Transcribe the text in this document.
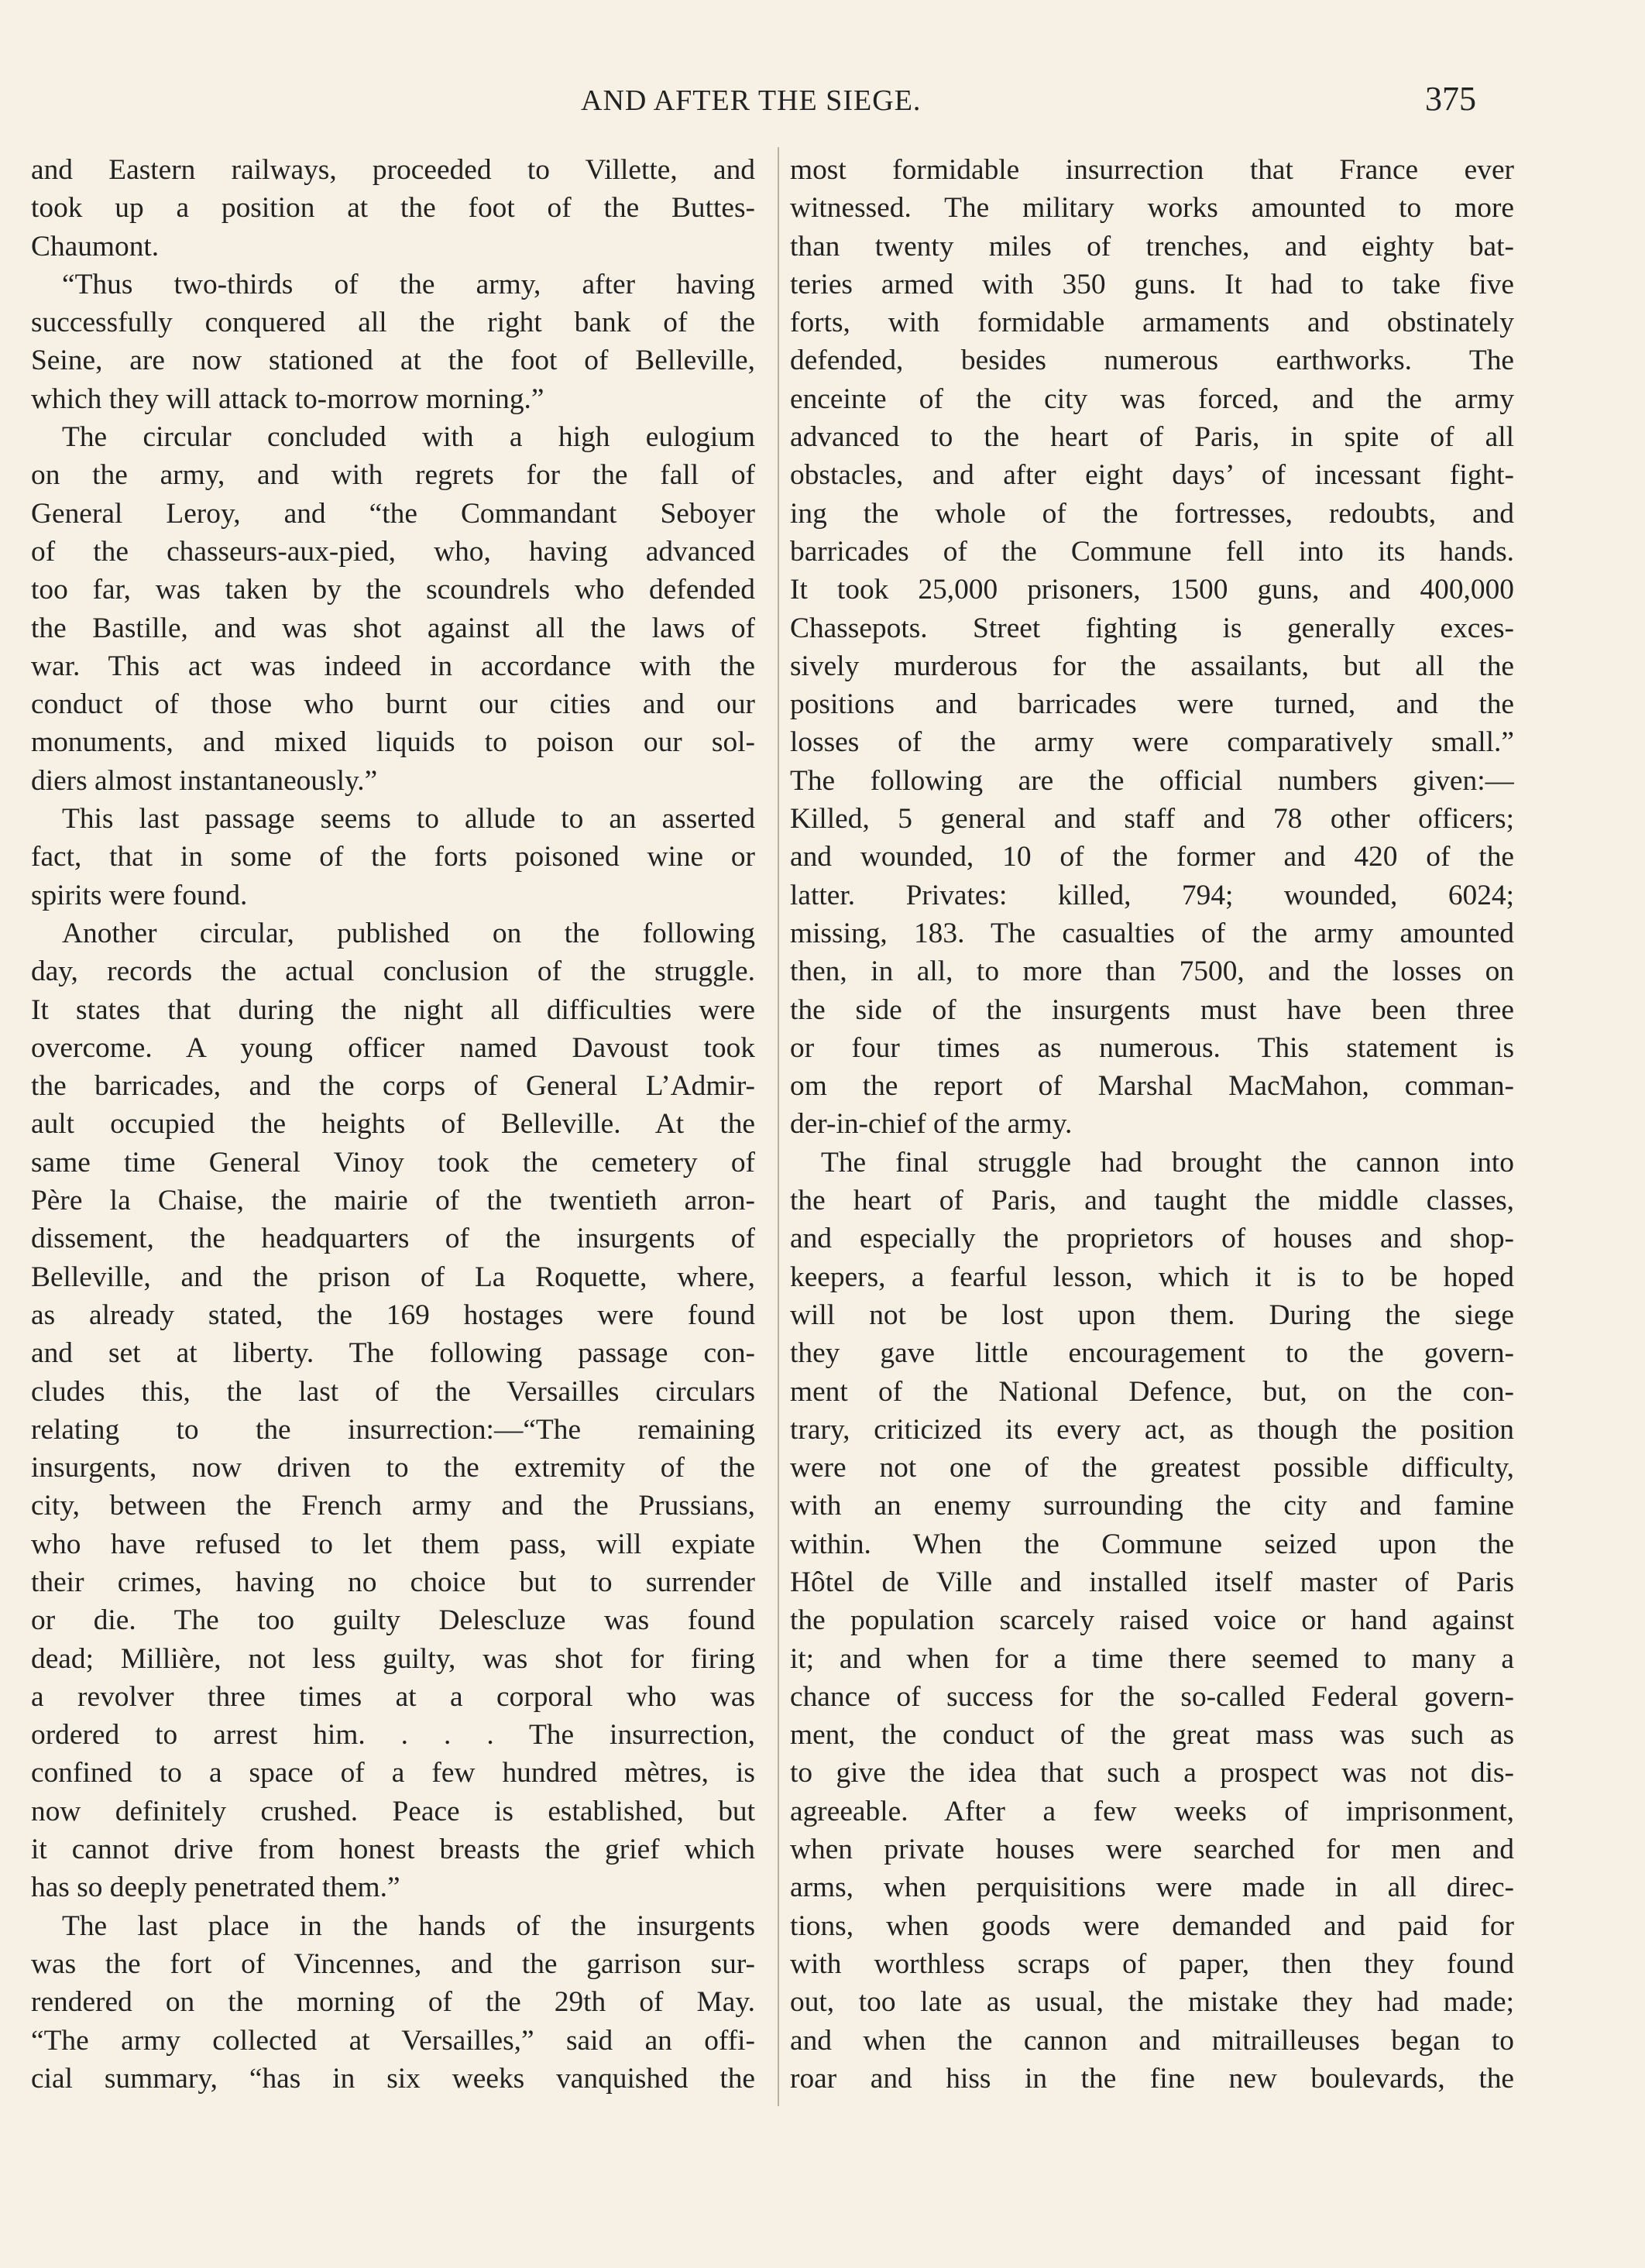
AND AFTER THE SIEGE.	375
and Eastern railways, proceeded to Villette, and
took up a position at the foot of the Buttes-
Chaumont.
“Thus two-thirds of the army, after having
successfully conquered all the right bank of the
Seine, are now stationed at the foot of Belleville,
which they will attack to-morrow morning.”
The circular concluded with a high eulogium
on the army, and with regrets for the fall of
General Leroy, and “the Commandant Seboyer
of the chasseurs-aux-pied, who, having advanced
too far, was taken by the scoundrels who defended
the Bastille, and was shot against all the laws of
war. This act was indeed in accordance with the
conduct of those who burnt our cities and our
monuments, and mixed liquids to poison our sol-
diers almost instantaneously.”
This last passage seems to allude to an asserted
fact, that in some of the forts poisoned wine or
spirits were found.
Another circular, published on the following
day, records the actual conclusion of the struggle.
It states that during the night all difficulties were
overcome. A young officer named Davoust took
the barricades, and the corps of General L’Admir-
ault occupied the heights of Belleville. At the
same time General Vinoy took the cemetery of
Père la Chaise, the mairie of the twentieth arron-
dissement, the headquarters of the insurgents of
Belleville, and the prison of La Roquette, where,
as already stated, the 169 hostages were found
and set at liberty. The following passage con-
cludes this, the last of the Versailles circulars
relating to the insurrection:—“The remaining
insurgents, now driven to the extremity of the
city, between the French army and the Prussians,
who have refused to let them pass, will expiate
their crimes, having no choice but to surrender
or die. The too guilty Delescluze was found
dead; Millière, not less guilty, was shot for firing
a revolver three times at a corporal who was
ordered to arrest him. . . . The insurrection,
confined to a space of a few hundred mètres, is
now definitely crushed. Peace is established, but
it cannot drive from honest breasts the grief which
has so deeply penetrated them.”
The last place in the hands of the insurgents
was the fort of Vincennes, and the garrison sur-
rendered on the morning of the 29th of May.
“The army collected at Versailles,” said an offi-
cial summary, “has in six weeks vanquished the
most formidable insurrection that France ever
witnessed. The military works amounted to more
than twenty miles of trenches, and eighty bat-
teries armed with 350 guns. It had to take five
forts, with formidable armaments and obstinately
defended, besides numerous earthworks. The
enceinte of the city was forced, and the army
advanced to the heart of Paris, in spite of all
obstacles, and after eight days’ of incessant fight-
ing the whole of the fortresses, redoubts, and
barricades of the Commune fell into its hands.
It took 25,000 prisoners, 1500 guns, and 400,000
Chassepots. Street fighting is generally exces-
sively murderous for the assailants, but all the
positions and barricades were turned, and the
losses of the army were comparatively small.”
The following are the official numbers given:—
Killed, 5 general and staff and 78 other officers;
and wounded, 10 of the former and 420 of the
latter. Privates: killed, 794; wounded, 6024;
missing, 183. The casualties of the army amounted
then, in all, to more than 7500, and the losses on
the side of the insurgents must have been three
or four times as numerous. This statement is
om the report of Marshal MacMahon, comman-
der-in-chief of the army.
The final struggle had brought the cannon into
the heart of Paris, and taught the middle classes,
and especially the proprietors of houses and shop-
keepers, a fearful lesson, which it is to be hoped
will not be lost upon them. During the siege
they gave little encouragement to the govern-
ment of the National Defence, but, on the con-
trary, criticized its every act, as though the position
were not one of the greatest possible difficulty,
with an enemy surrounding the city and famine
within. When the Commune seized upon the
Hôtel de Ville and installed itself master of Paris
the population scarcely raised voice or hand against
it; and when for a time there seemed to many a
chance of success for the so-called Federal govern-
ment, the conduct of the great mass was such as
to give the idea that such a prospect was not dis-
agreeable. After a few weeks of imprisonment,
when private houses were searched for men and
arms, when perquisitions were made in all direc-
tions, when goods were demanded and paid for
with worthless scraps of paper, then they found
out, too late as usual, the mistake they had made;
and when the cannon and mitrailleuses began to
roar and hiss in the fine new boulevards, the
